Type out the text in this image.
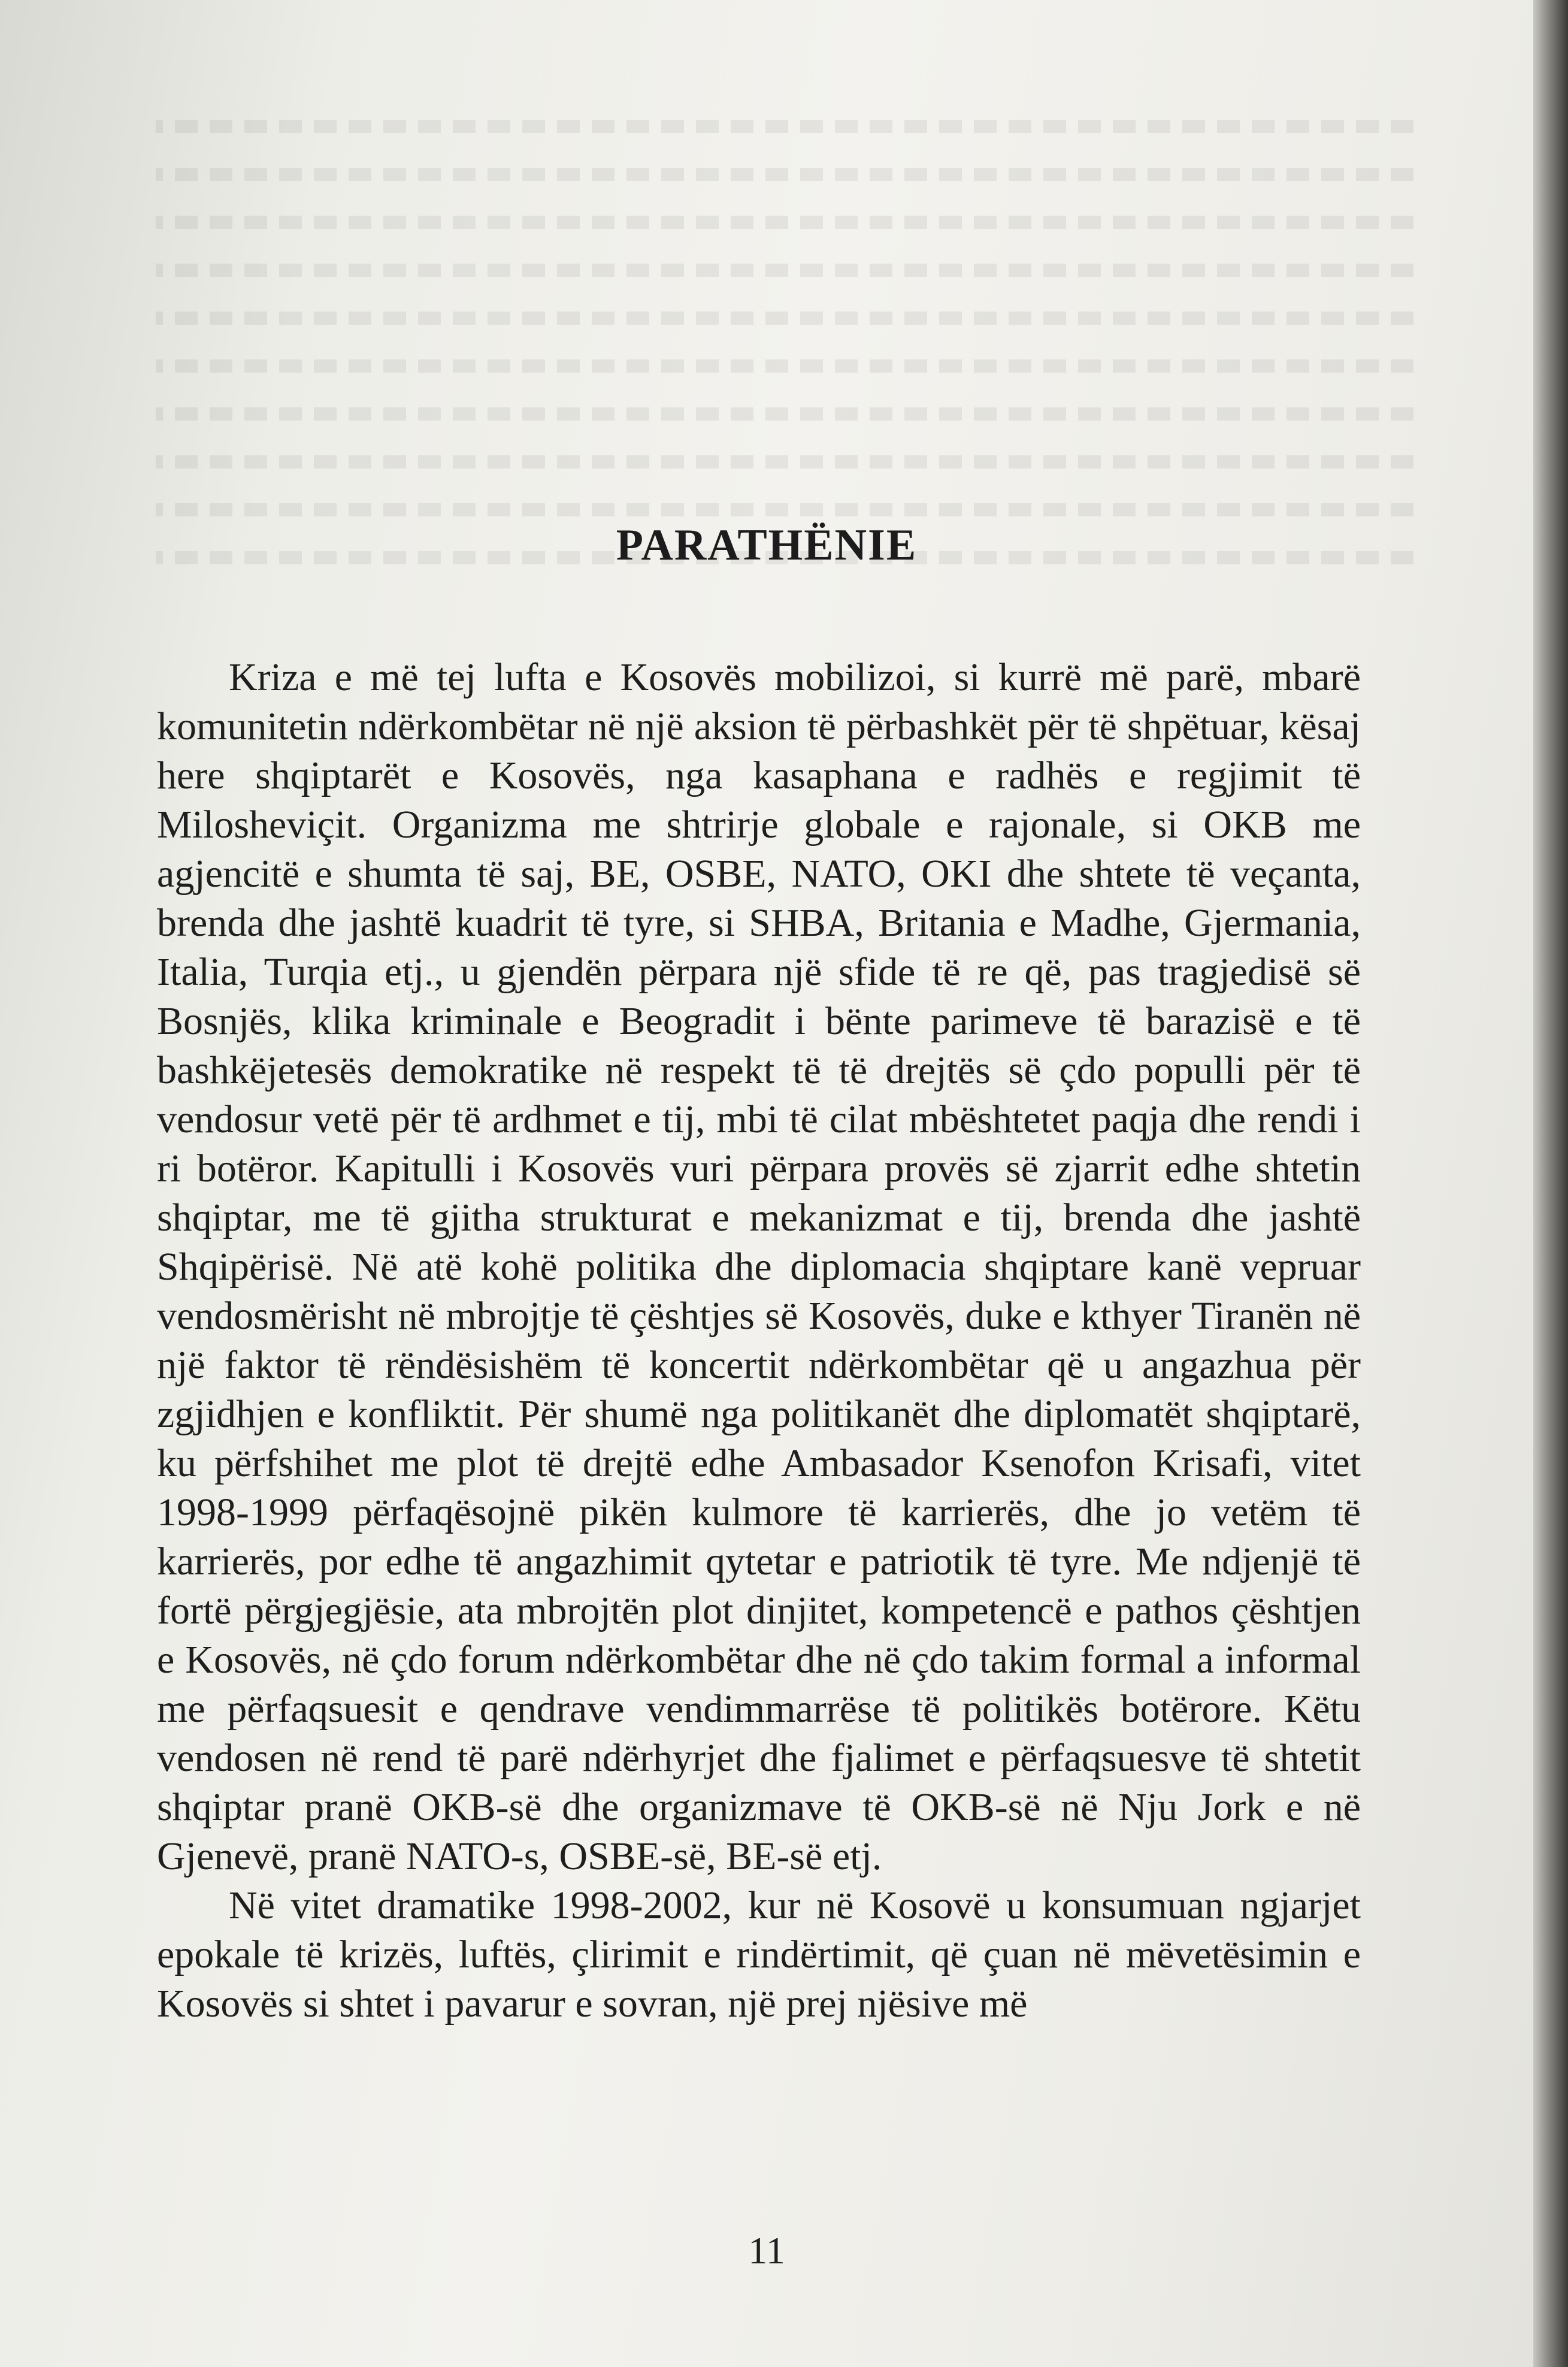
PARATHËNIE

Kriza e më tej lufta e Kosovës mobilizoi, si kurrë më parë, mbarë komunitetin ndërkombëtar në një aksion të përbashkët për të shpëtuar, kësaj here shqiptarët e Kosovës, nga kasaphana e radhës e regjimit të Milosheviçit. Organizma me shtrirje globale e rajonale, si OKB me agjencitë e shumta të saj, BE, OSBE, NATO, OKI dhe shtete të veçanta, brenda dhe jashtë kuadrit të tyre, si SHBA, Britania e Madhe, Gjermania, Italia, Turqia etj., u gjendën përpara një sfide të re që, pas tragjedisë së Bosnjës, klika kriminale e Beogradit i bënte parimeve të barazisë e të bashkëjetesës demokratike në respekt të të drejtës së çdo populli për të vendosur vetë për të ardhmet e tij, mbi të cilat mbështetet paqja dhe rendi i ri botëror. Kapitulli i Kosovës vuri përpara provës së zjarrit edhe shtetin shqiptar, me të gjitha strukturat e mekanizmat e tij, brenda dhe jashtë Shqipërisë. Në atë kohë politika dhe diplomacia shqiptare kanë vepruar vendosmërisht në mbrojtje të çështjes së Kosovës, duke e kthyer Tiranën në një faktor të rëndësishëm të koncertit ndërkombëtar që u angazhua për zgjidhjen e konfliktit. Për shumë nga politikanët dhe diplomatët shqiptarë, ku përfshihet me plot të drejtë edhe Ambasador Ksenofon Krisafi, vitet 1998-1999 përfaqësojnë pikën kulmore të karrierës, dhe jo vetëm të karrierës, por edhe të angazhimit qytetar e patriotik të tyre. Me ndjenjë të fortë përgjegjësie, ata mbrojtën plot dinjitet, kompetencë e pathos çështjen e Kosovës, në çdo forum ndërkombëtar dhe në çdo takim formal a informal me përfaqsuesit e qendrave vendimmarrëse të politikës botërore. Këtu vendosen në rend të parë ndërhyrjet dhe fjalimet e përfaqsuesve të shtetit shqiptar pranë OKB-së dhe organizmave të OKB-së në Nju Jork e në Gjenevë, pranë NATO-s, OSBE-së, BE-së etj.

Në vitet dramatike 1998-2002, kur në Kosovë u konsumuan ngjarjet epokale të krizës, luftës, çlirimit e rindërtimit, që çuan në mëvetësimin e Kosovës si shtet i pavarur e sovran, një prej njësive më

11
